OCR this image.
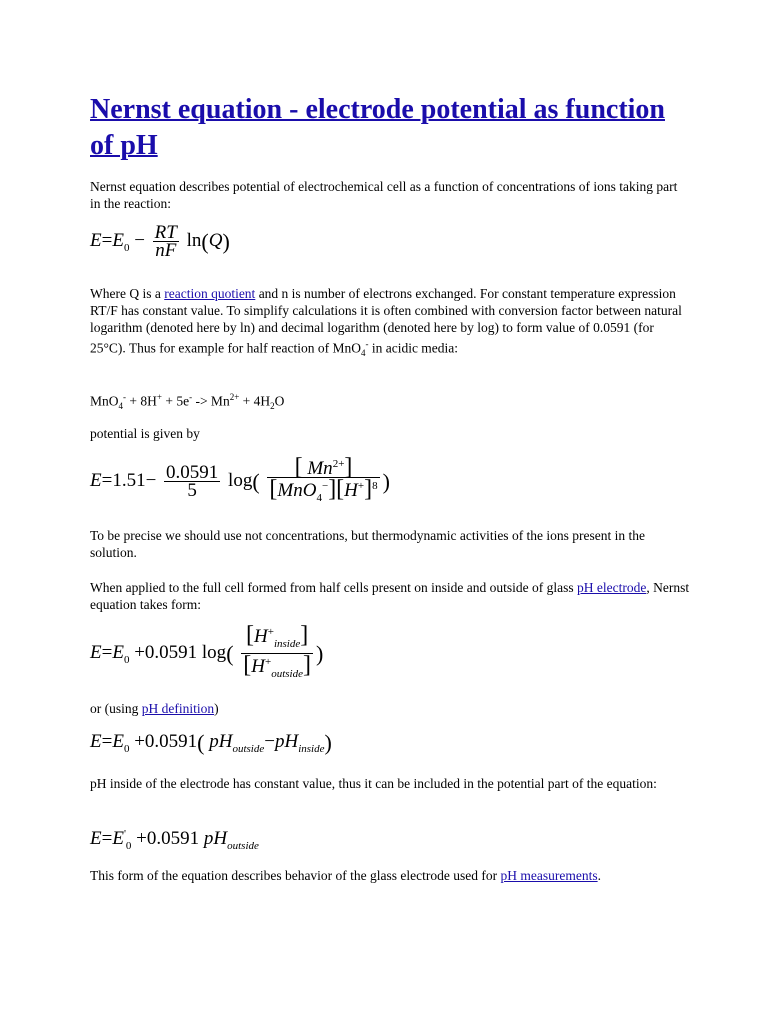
Nernst equation - electrode potential as function of pH

Nernst equation describes potential of electrochemical cell as a function of concentrations of ions taking part in the reaction:

$E=E_0 - \frac{RT}{nF} \ln(Q)$

Where Q is a reaction quotient and n is number of electrons exchanged. For constant temperature expression RT/F has constant value. To simplify calculations it is often combined with conversion factor between natural logarithm (denoted here by ln) and decimal logarithm (denoted here by log) to form value of 0.0591 (for 25°C). Thus for example for half reaction of MnO$_4$- in acidic media:

$MnO_4^- + 8H^+ + 5e^- -> Mn^{2+} + 4H_2O$

potential is given by

$E=1.51- \frac{0.0591}{5} \log( \frac{[ Mn^{2+}]}{[MnO_4^-][H^+]^8}$ )

To be precise we should use not concentrations, but thermodynamic activities of the ions present in the solution.

When applied to the full cell formed from half cells present on inside and outside of glass pH electrode, Nernst equation takes form:

$E=E_0 +0.0591$ $\log( \frac{[H^+_{inside}]}{[H^+_{outside}]}$ )

or (using pH definition)

$E=E_0 +0.0591$( $pH_{outside}-pH_{inside}$)

pH inside of the electrode has constant value, thus it can be included in the potential part of the equation:

$E=E'_0 +0.0591$ $pH_{outside}$

This form of the equation describes behavior of the glass electrode used for pH measurements.
